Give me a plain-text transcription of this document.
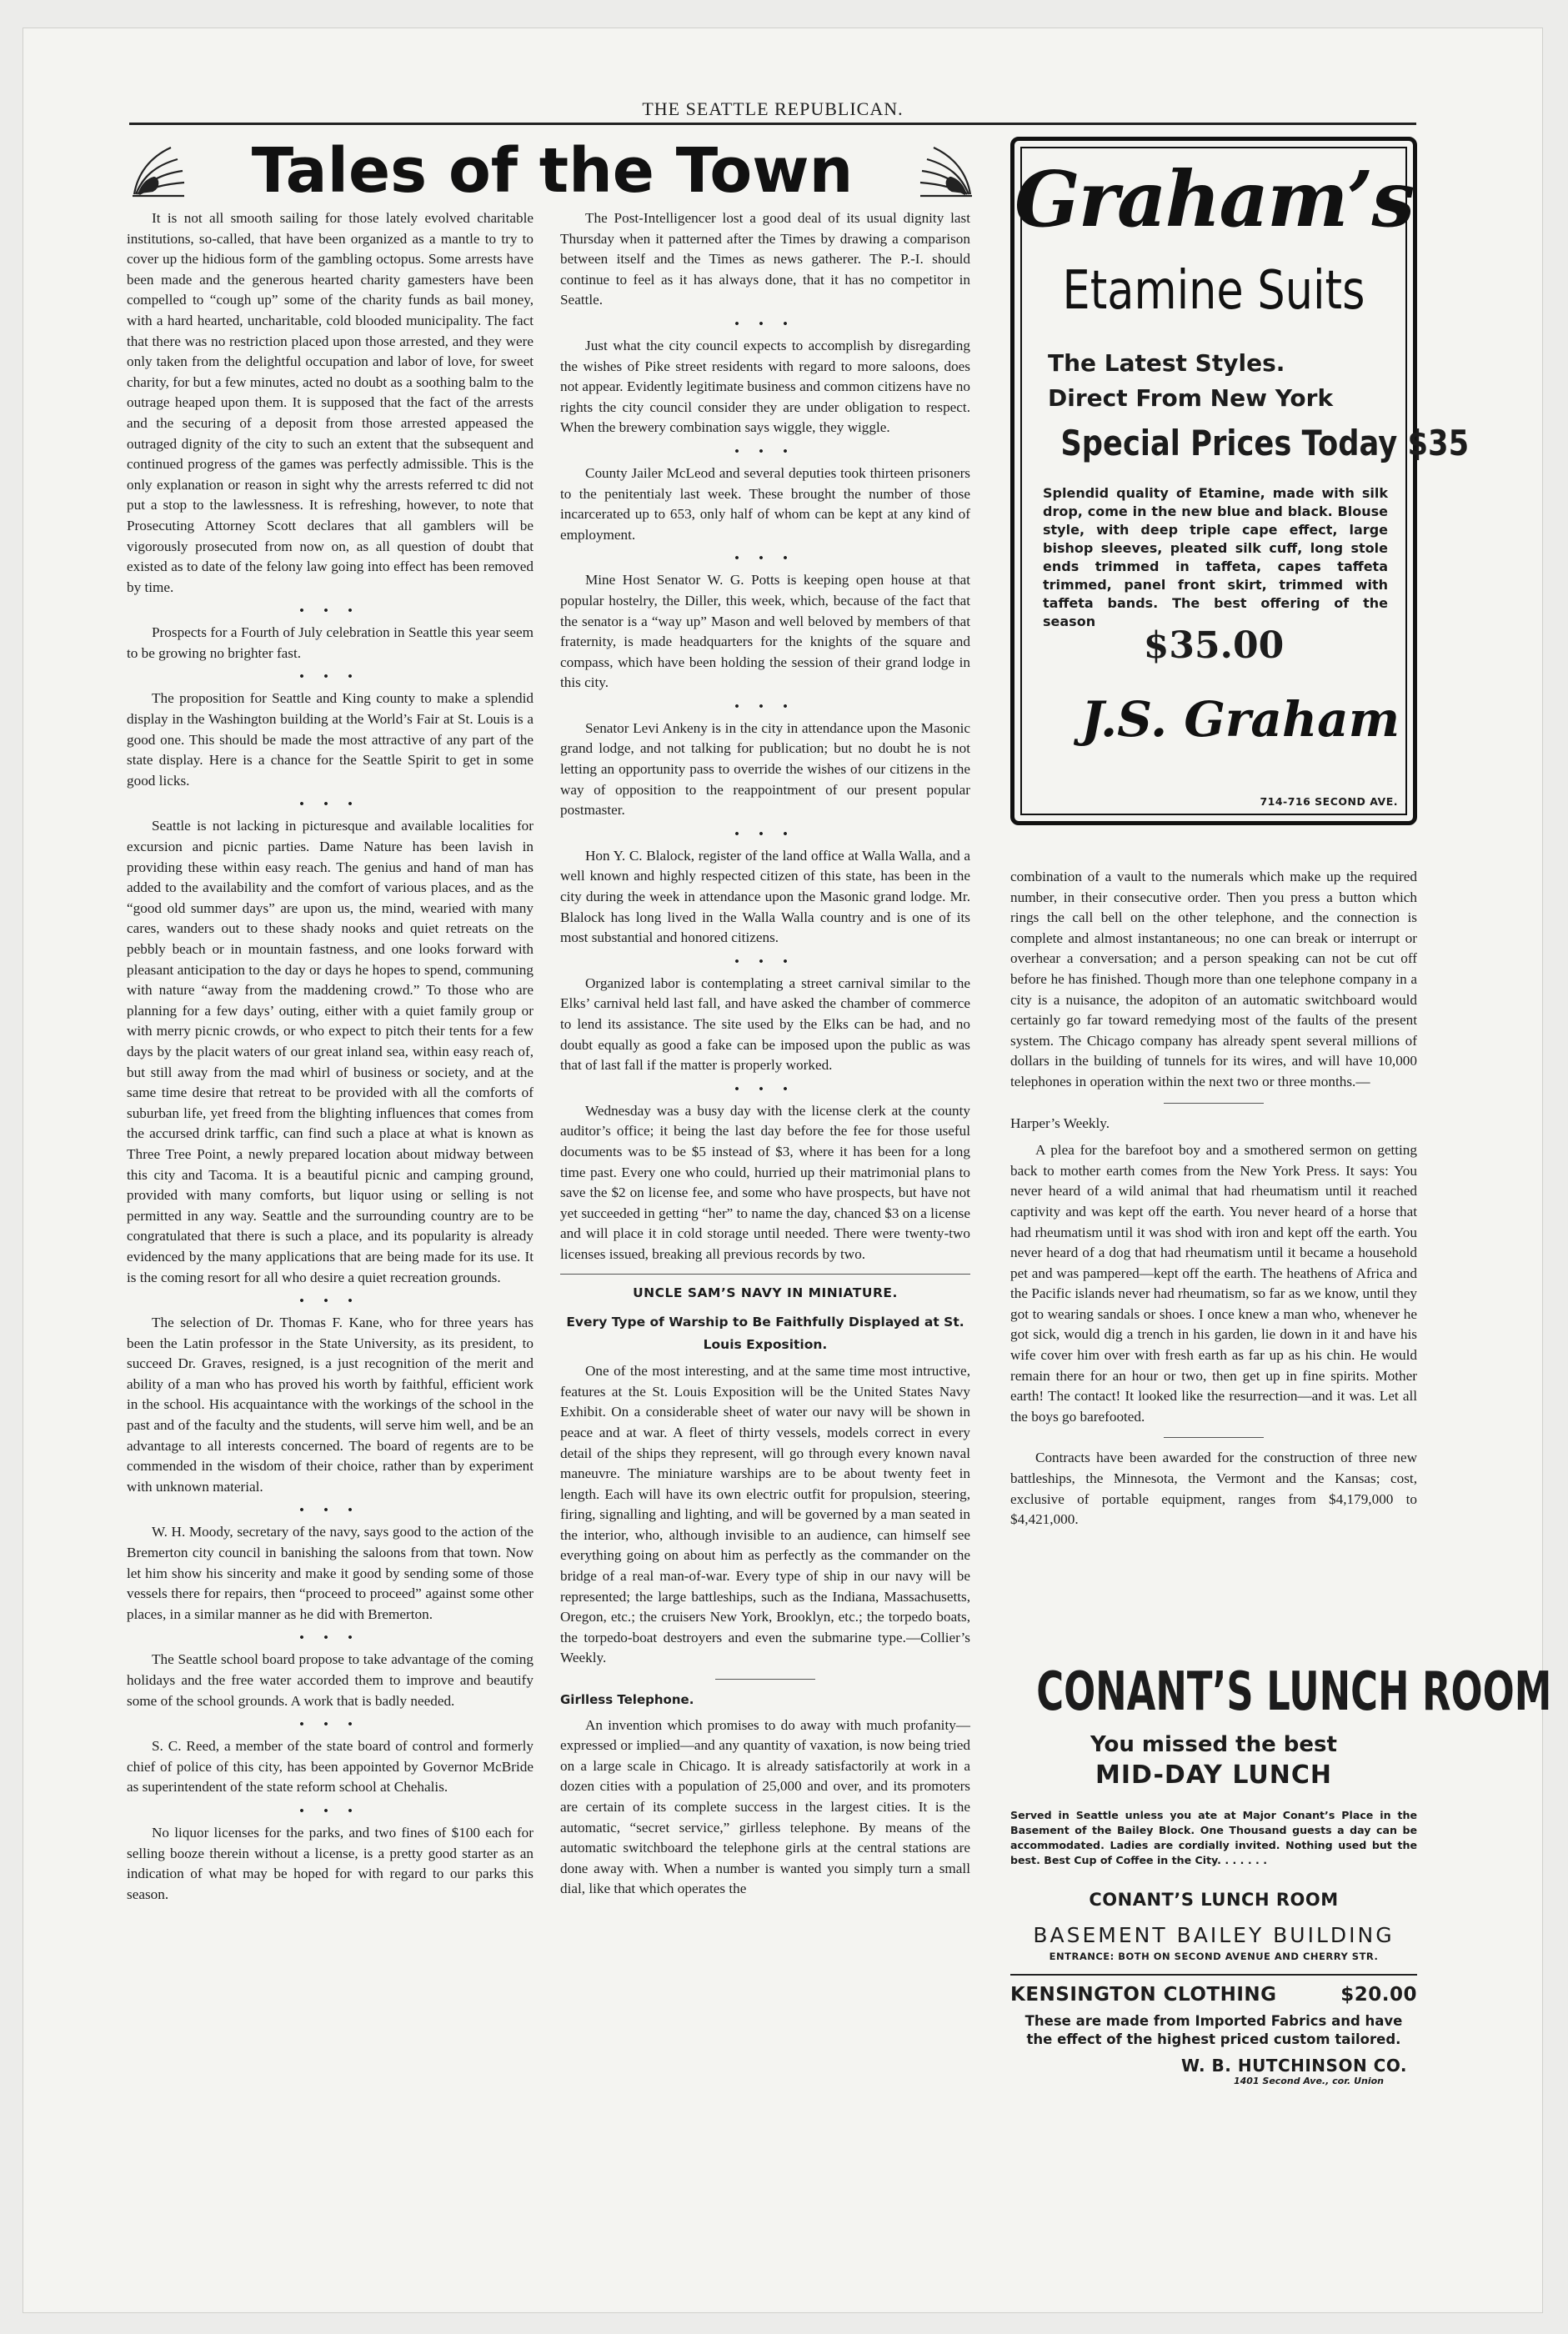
THE SEATTLE REPUBLICAN.
Tales of the Town

It is not all smooth sailing for those lately evolved charitable institutions, so-called, that have been organized as a mantle to try to cover up the hidious form of the gambling octopus. Some arrests have been made and the generous hearted charity gamesters have been compelled to “cough up” some of the charity funds as bail money, with a hard hearted, uncharitable, cold blooded municipality. The fact that there was no restriction placed upon those arrested, and they were only taken from the delightful occupation and labor of love, for sweet charity, for but a few minutes, acted no doubt as a soothing balm to the outrage heaped upon them. It is supposed that the fact of the arrests and the securing of a deposit from those arrested appeased the outraged dignity of the city to such an extent that the subsequent and continued progress of the games was perfectly admissible. This is the only explanation or reason in sight why the arrests referred tc did not put a stop to the lawlessness. It is refreshing, however, to note that Prosecuting Attorney Scott declares that all gamblers will be vigorously prosecuted from now on, as all question of doubt that existed as to date of the felony law going into effect has been removed by time.

• • •

Prospects for a Fourth of July celebration in Seattle this year seem to be growing no brighter fast.

• • •

The proposition for Seattle and King county to make a splendid display in the Washington building at the World’s Fair at St. Louis is a good one. This should be made the most attractive of any part of the state display. Here is a chance for the Seattle Spirit to get in some good licks.

• • •

Seattle is not lacking in picturesque and available localities for excursion and picnic parties. Dame Nature has been lavish in providing these within easy reach. The genius and hand of man has added to the availability and the comfort of various places, and as the “good old summer days” are upon us, the mind, wearied with many cares, wanders out to these shady nooks and quiet retreats on the pebbly beach or in mountain fastness, and one looks forward with pleasant anticipation to the day or days he hopes to spend, communing with nature “away from the maddening crowd.” To those who are planning for a few days’ outing, either with a quiet family group or with merry picnic crowds, or who expect to pitch their tents for a few days by the placit waters of our great inland sea, within easy reach of, but still away from the mad whirl of business or society, and at the same time desire that retreat to be provided with all the comforts of suburban life, yet freed from the blighting influences that comes from the accursed drink tarffic, can find such a place at what is known as Three Tree Point, a newly prepared location about midway between this city and Tacoma. It is a beautiful picnic and camping ground, provided with many comforts, but liquor using or selling is not permitted in any way. Seattle and the surrounding country are to be congratulated that there is such a place, and its popularity is already evidenced by the many applications that are being made for its use. It is the coming resort for all who desire a quiet recreation grounds.

• • •

The selection of Dr. Thomas F. Kane, who for three years has been the Latin professor in the State University, as its president, to succeed Dr. Graves, resigned, is a just recognition of the merit and ability of a man who has proved his worth by faithful, efficient work in the school. His acquaintance with the workings of the school in the past and of the faculty and the students, will serve him well, and be an advantage to all interests concerned. The board of regents are to be commended in the wisdom of their choice, rather than by experiment with unknown material.

• • •

W. H. Moody, secretary of the navy, says good to the action of the Bremerton city council in banishing the saloons from that town. Now let him show his sincerity and make it good by sending some of those vessels there for repairs, then “proceed to proceed” against some other places, in a similar manner as he did with Bremerton.

• • •

The Seattle school board propose to take advantage of the coming holidays and the free water accorded them to improve and beautify some of the school grounds. A work that is badly needed.

• • •

S. C. Reed, a member of the state board of control and formerly chief of police of this city, has been appointed by Governor McBride as superintendent of the state reform school at Chehalis.

• • •

No liquor licenses for the parks, and two fines of $100 each for selling booze therein without a license, is a pretty good starter as an indication of what may be hoped for with regard to our parks this season.

The Post-Intelligencer lost a good deal of its usual dignity last Thursday when it patterned after the Times by drawing a comparison between itself and the Times as news gatherer. The P.-I. should continue to feel as it has always done, that it has no competitor in Seattle.

• • •

Just what the city council expects to accomplish by disregarding the wishes of Pike street residents with regard to more saloons, does not appear. Evidently legitimate business and common citizens have no rights the city council consider they are under obligation to respect. When the brewery combination says wiggle, they wiggle.

• • •

County Jailer McLeod and several deputies took thirteen prisoners to the penitentialy last week. These brought the number of those incarcerated up to 653, only half of whom can be kept at any kind of employment.

• • •

Mine Host Senator W. G. Potts is keeping open house at that popular hostelry, the Diller, this week, which, because of the fact that the senator is a “way up” Mason and well beloved by members of that fraternity, is made headquarters for the knights of the square and compass, which have been holding the session of their grand lodge in this city.

• • •

Senator Levi Ankeny is in the city in attendance upon the Masonic grand lodge, and not talking for publication; but no doubt he is not letting an opportunity pass to override the wishes of our citizens in the way of opposition to the reappointment of our present popular postmaster.

• • •

Hon Y. C. Blalock, register of the land office at Walla Walla, and a well known and highly respected citizen of this state, has been in the city during the week in attendance upon the Masonic grand lodge. Mr. Blalock has long lived in the Walla Walla country and is one of its most substantial and honored citizens.

• • •

Organized labor is contemplating a street carnival similar to the Elks’ carnival held last fall, and have asked the chamber of commerce to lend its assistance. The site used by the Elks can be had, and no doubt equally as good a fake can be imposed upon the public as was that of last fall if the matter is properly worked.

• • •

Wednesday was a busy day with the license clerk at the county auditor’s office; it being the last day before the fee for those useful documents was to be $5 instead of $3, where it has been for a long time past. Every one who could, hurried up their matrimonial plans to save the $2 on license fee, and some who have prospects, but have not yet succeeded in getting “her” to name the day, chanced $3 on a license and will place it in cold storage until needed. There were twenty-two licenses issued, breaking all previous records by two.

UNCLE SAM’S NAVY IN MINIATURE.
Every Type of Warship to Be Faithfully Displayed at St. Louis Exposition.

One of the most interesting, and at the same time most intructive, features at the St. Louis Exposition will be the United States Navy Exhibit. On a considerable sheet of water our navy will be shown in peace and at war. A fleet of thirty vessels, models correct in every detail of the ships they represent, will go through every known naval maneuvre. The miniature warships are to be about twenty feet in length. Each will have its own electric outfit for propulsion, steering, firing, signalling and lighting, and will be governed by a man seated in the interior, who, although invisible to an audience, can himself see everything going on about him as perfectly as the commander on the bridge of a real man-of-war. Every type of ship in our navy will be represented; the large battleships, such as the Indiana, Massachusetts, Oregon, etc.; the cruisers New York, Brooklyn, etc.; the torpedo boats, the torpedo-boat destroyers and even the submarine type.—Collier’s Weekly.

Girlless Telephone.

An invention which promises to do away with much profanity—expressed or implied—and any quantity of vaxation, is now being tried on a large scale in Chicago. It is already satisfactorily at work in a dozen cities with a population of 25,000 and over, and its promoters are certain of its complete success in the largest cities. It is the automatic, “secret service,” girlless telephone. By means of the automatic switchboard the telephone girls at the central stations are done away with. When a number is wanted you simply turn a small dial, like that which operates the

Graham’s
Etamine Suits
The Latest Styles.
Direct From New York
Special Prices Today $35
Splendid quality of Etamine, made with silk drop, come in the new blue and black. Blouse style, with deep triple cape effect, large bishop sleeves, pleated silk cuff, long stole ends trimmed in taffeta, capes taffeta trimmed, panel front skirt, trimmed with taffeta bands. The best offering of the season
$35.00
J.S. Graham
714-716 SECOND AVE.

combination of a vault to the numerals which make up the required number, in their consecutive order. Then you press a button which rings the call bell on the other telephone, and the connection is complete and almost instantaneous; no one can break or interrupt or overhear a conversation; and a person speaking can not be cut off before he has finished. Though more than one telephone company in a city is a nuisance, the adopiton of an automatic switchboard would certainly go far toward remedying most of the faults of the present system. The Chicago company has already spent several millions of dollars in the building of tunnels for its wires, and will have 10,000 telephones in operation within the next two or three months.—

Harper’s Weekly.

A plea for the barefoot boy and a smothered sermon on getting back to mother earth comes from the New York Press. It says: You never heard of a wild animal that had rheumatism until it reached captivity and was kept off the earth. You never heard of a horse that had rheumatism until it was shod with iron and kept off the earth. You never heard of a dog that had rheumatism until it became a household pet and was pampered—kept off the earth. The heathens of Africa and the Pacific islands never had rheumatism, so far as we know, until they got to wearing sandals or shoes. I once knew a man who, whenever he got sick, would dig a trench in his garden, lie down in it and have his wife cover him over with fresh earth as far up as his chin. He would remain there for an hour or two, then get up in fine spirits. Mother earth! The contact! It looked like the resurrection—and it was. Let all the boys go barefooted.

Contracts have been awarded for the construction of three new battleships, the Minnesota, the Vermont and the Kansas; cost, exclusive of portable equipment, ranges from $4,179,000 to $4,421,000.

CONANT’S LUNCH ROOM
You missed the best
MID-DAY LUNCH
Served in Seattle unless you ate at Major Conant’s Place in the Basement of the Bailey Block. One Thousand guests a day can be accommodated. Ladies are cordially invited. Nothing used but the best. Best Cup of Coffee in the City. . . . . . .
CONANT’S LUNCH ROOM
BASEMENT BAILEY BUILDING
ENTRANCE: BOTH ON SECOND AVENUE AND CHERRY STR.
KENSINGTON CLOTHING	$20.00
These are made from Imported Fabrics and have the effect of the highest priced custom tailored.
W. B. HUTCHINSON CO.
1401 Second Ave., cor. Union
